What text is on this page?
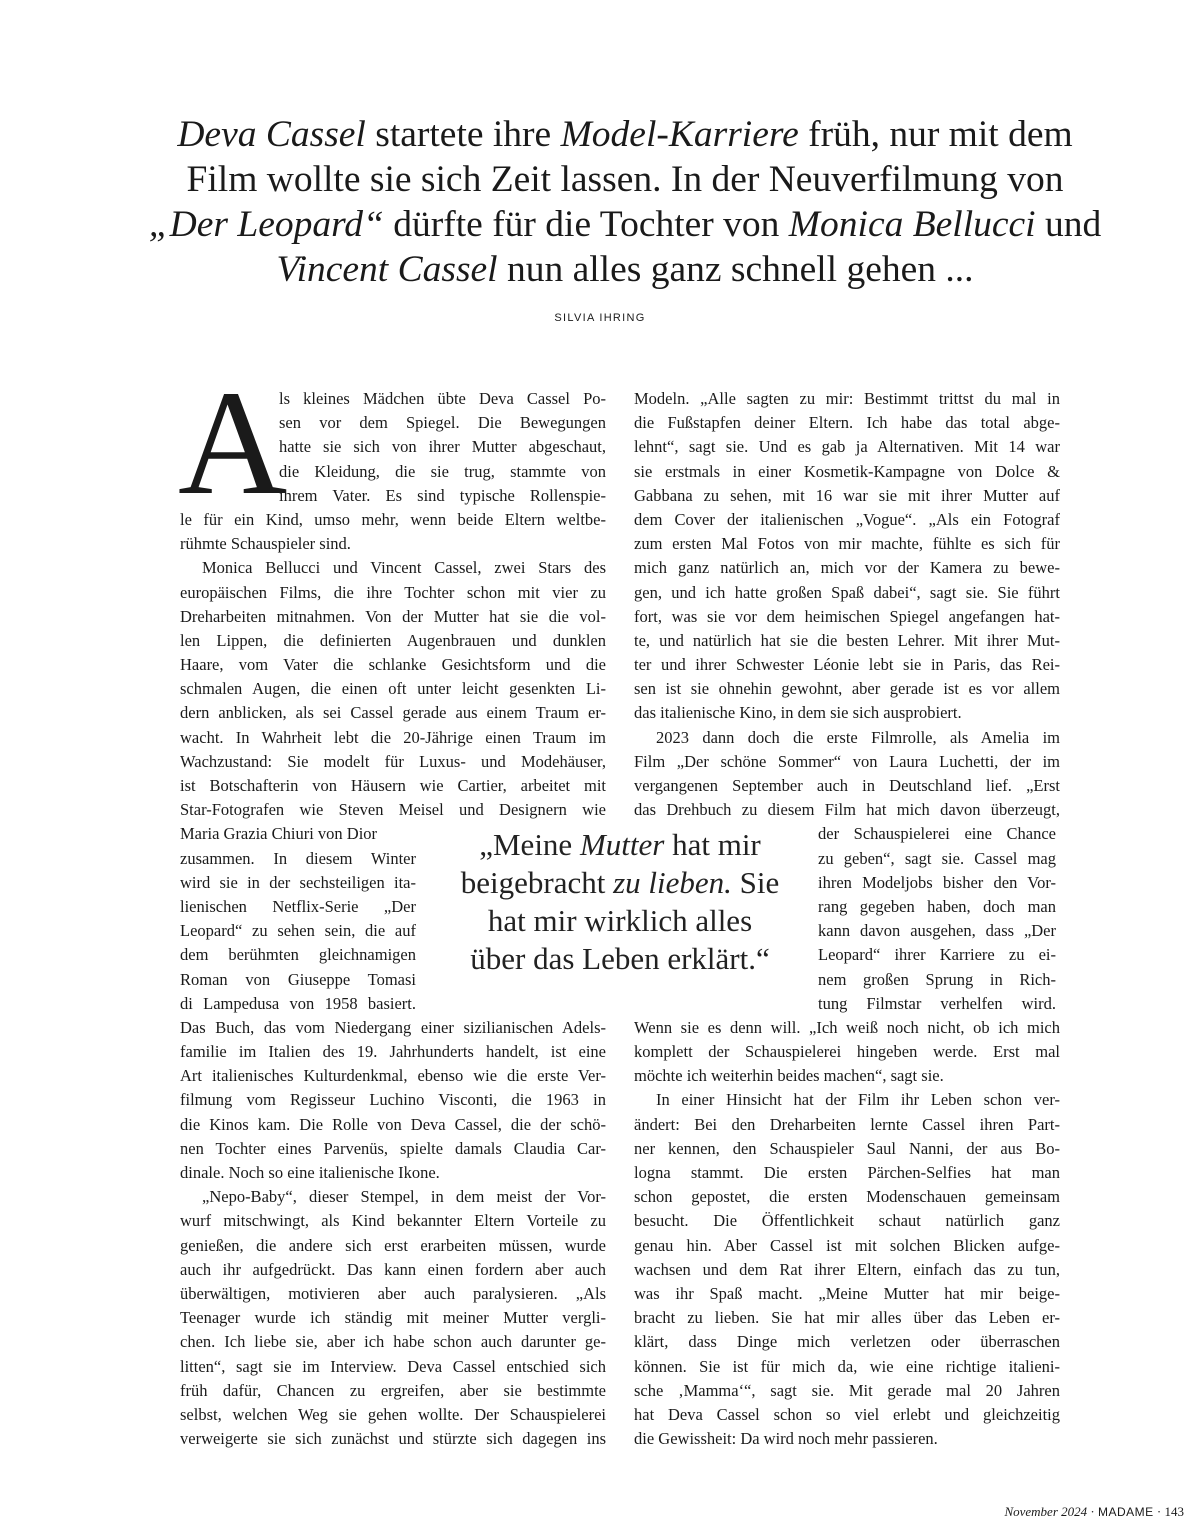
Deva Cassel startete ihre Model-Karriere früh, nur mit dem
Film wollte sie sich Zeit lassen. In der Neuverfilmung von
„Der Leopard“ dürfte für die Tochter von Monica Bellucci und
Vincent Cassel nun alles ganz schnell gehen ...
SILVIA IHRING
A
ls kleines Mädchen übte Deva Cassel Po-
sen vor dem Spiegel. Die Bewegungen
hatte sie sich von ihrer Mutter abgeschaut,
die Kleidung, die sie trug, stammte von
ihrem Vater. Es sind typische Rollenspie-
le für ein Kind, umso mehr, wenn beide Eltern weltbe-
rühmte Schauspieler sind.
Monica Bellucci und Vincent Cassel, zwei Stars des
europäischen Films, die ihre Tochter schon mit vier zu
Dreharbeiten mitnahmen. Von der Mutter hat sie die vol-
len Lippen, die definierten Augenbrauen und dunklen
Haare, vom Vater die schlanke Gesichtsform und die
schmalen Augen, die einen oft unter leicht gesenkten Li-
dern anblicken, als sei Cassel gerade aus einem Traum er-
wacht. In Wahrheit lebt die 20-Jährige einen Traum im
Wachzustand: Sie modelt für Luxus- und Modehäuser,
ist Botschafterin von Häusern wie Cartier, arbeitet mit
Star-Fotografen wie Steven Meisel und Designern wie
Maria Grazia Chiuri von Dior
zusammen. In diesem Winter
wird sie in der sechsteiligen ita-
lienischen Netflix-Serie „Der
Leopard“ zu sehen sein, die auf
dem berühmten gleichnamigen
Roman von Giuseppe Tomasi
di Lampedusa von 1958 basiert.
Das Buch, das vom Niedergang einer sizilianischen Adels-
familie im Italien des 19. Jahrhunderts handelt, ist eine
Art italienisches Kulturdenkmal, ebenso wie die erste Ver-
filmung vom Regisseur Luchino Visconti, die 1963 in
die Kinos kam. Die Rolle von Deva Cassel, die der schö-
nen Tochter eines Parvenüs, spielte damals Claudia Car-
dinale. Noch so eine italienische Ikone.
„Nepo-Baby“, dieser Stempel, in dem meist der Vor-
wurf mitschwingt, als Kind bekannter Eltern Vorteile zu
genießen, die andere sich erst erarbeiten müssen, wurde
auch ihr aufgedrückt. Das kann einen fordern aber auch
überwältigen, motivieren aber auch paralysieren. „Als
Teenager wurde ich ständig mit meiner Mutter vergli-
chen. Ich liebe sie, aber ich habe schon auch darunter ge-
litten“, sagt sie im Interview. Deva Cassel entschied sich
früh dafür, Chancen zu ergreifen, aber sie bestimmte
selbst, welchen Weg sie gehen wollte. Der Schauspielerei
verweigerte sie sich zunächst und stürzte sich dagegen ins
Modeln. „Alle sagten zu mir: Bestimmt trittst du mal in
die Fußstapfen deiner Eltern. Ich habe das total abge-
lehnt“, sagt sie. Und es gab ja Alternativen. Mit 14 war
sie erstmals in einer Kosmetik-Kampagne von Dolce &
Gabbana zu sehen, mit 16 war sie mit ihrer Mutter auf
dem Cover der italienischen „Vogue“. „Als ein Fotograf
zum ersten Mal Fotos von mir machte, fühlte es sich für
mich ganz natürlich an, mich vor der Kamera zu bewe-
gen, und ich hatte großen Spaß dabei“, sagt sie. Sie führt
fort, was sie vor dem heimischen Spiegel angefangen hat-
te, und natürlich hat sie die besten Lehrer. Mit ihrer Mut-
ter und ihrer Schwester Léonie lebt sie in Paris, das Rei-
sen ist sie ohnehin gewohnt, aber gerade ist es vor allem
das italienische Kino, in dem sie sich ausprobiert.
2023 dann doch die erste Filmrolle, als Amelia im
Film „Der schöne Sommer“ von Laura Luchetti, der im
vergangenen September auch in Deutschland lief. „Erst
das Drehbuch zu diesem Film hat mich davon überzeugt,
der Schauspielerei eine Chance
zu geben“, sagt sie. Cassel mag
ihren Modeljobs bisher den Vor-
rang gegeben haben, doch man
kann davon ausgehen, dass „Der
Leopard“ ihrer Karriere zu ei-
nem großen Sprung in Rich-
tung Filmstar verhelfen wird.
Wenn sie es denn will. „Ich weiß noch nicht, ob ich mich
komplett der Schauspielerei hingeben werde. Erst mal
möchte ich weiterhin beides machen“, sagt sie.
In einer Hinsicht hat der Film ihr Leben schon ver-
ändert: Bei den Dreharbeiten lernte Cassel ihren Part-
ner kennen, den Schauspieler Saul Nanni, der aus Bo-
logna stammt. Die ersten Pärchen-Selfies hat man
schon gepostet, die ersten Modenschauen gemeinsam
besucht. Die Öffentlichkeit schaut natürlich ganz
genau hin. Aber Cassel ist mit solchen Blicken aufge-
wachsen und dem Rat ihrer Eltern, einfach das zu tun,
was ihr Spaß macht. „Meine Mutter hat mir beige-
bracht zu lieben. Sie hat mir alles über das Leben er-
klärt, dass Dinge mich verletzen oder überraschen
können. Sie ist für mich da, wie eine richtige italieni-
sche ‚Mamma‘“, sagt sie. Mit gerade mal 20 Jahren
hat Deva Cassel schon so viel erlebt und gleichzeitig
die Gewissheit: Da wird noch mehr passieren.
„Meine Mutter hat mir
beigebracht zu lieben. Sie
hat mir wirklich alles
über das Leben erklärt.“
November 2024 · MADAME · 143
